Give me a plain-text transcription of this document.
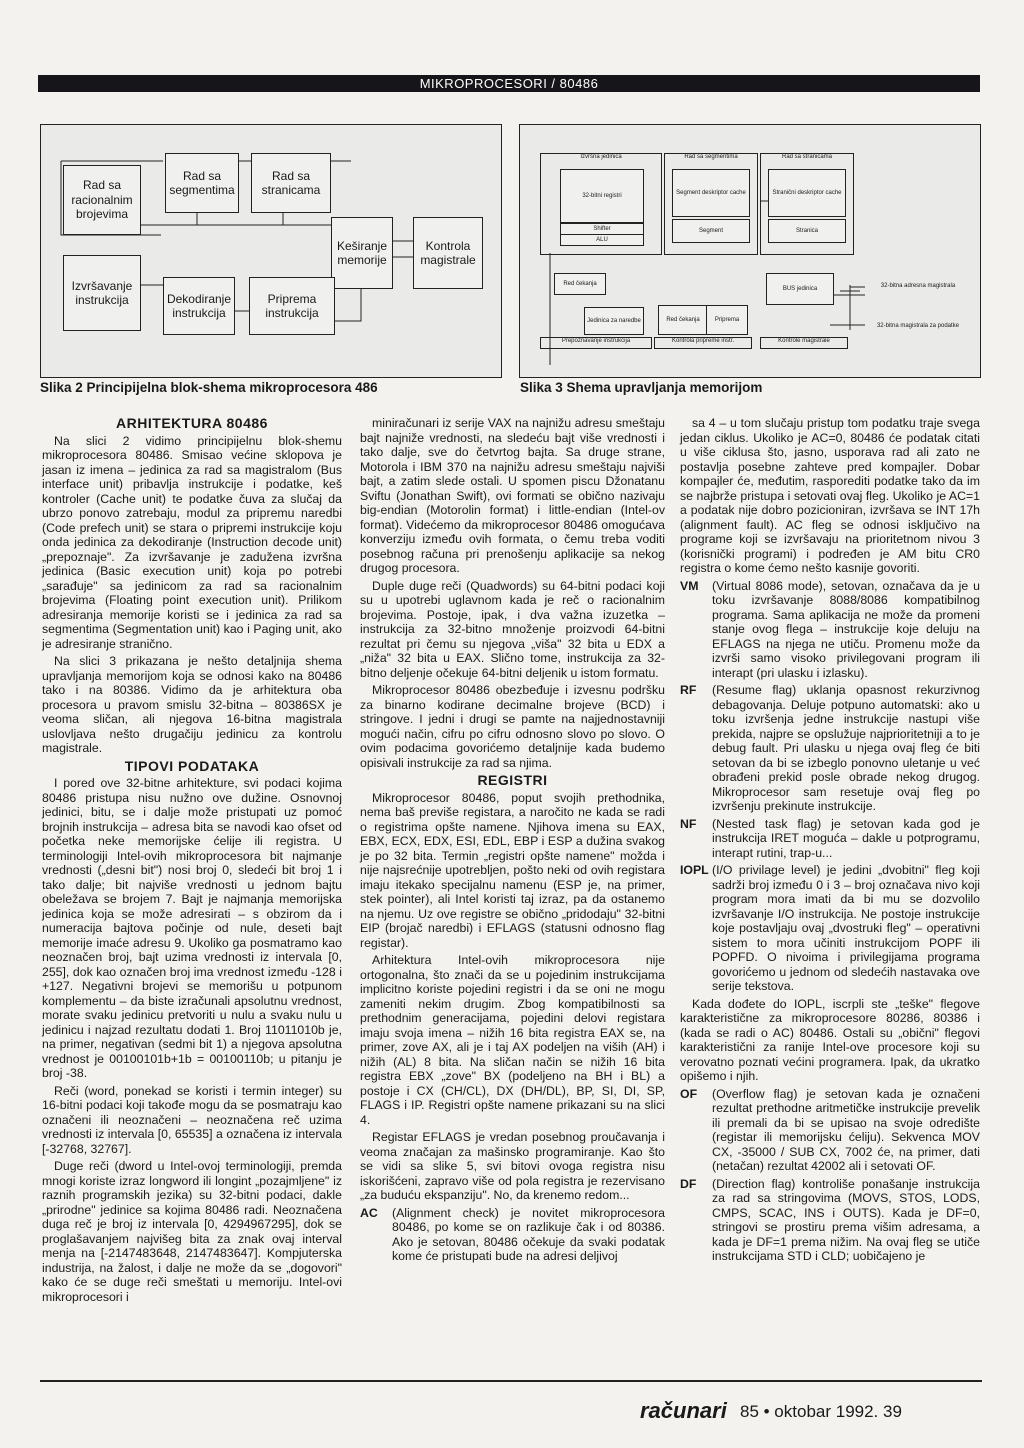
MIKROPROCESORI / 80486
Rad sa racionalnim brojevima
Rad sa segmentima
Rad sa stranicama
Keširanje memorije
Kontrola magistrale
Izvršavanje instrukcija	Dekodiranje instrukcija
Priprema instrukcija
Izvršna jedinica	Rad sa segmentima	Rad sa stranicama
32-bitni registri
Shifter
ALU
Segment deskriptor cache
Segment
Stranični deskriptor cache
Stranica
Red čekanja
Jedinica za naredbe	Red čekanja	Priprema
BUS jedinica
Prepoznavanje instrukcija	Kontrola pripreme instr.	Kontrole magistrale
32-bitna adresna magistrala
32-bitna magistrala za podatke
Slika 2 Principijelna blok-shema mikroprocesora 486	Slika 3 Shema upravljanja memorijom
ARHITEKTURA 80486

Na slici 2 vidimo principijelnu blok-shemu mikroprocesora 80486. Smisao većine sklopova je jasan iz imena – jedinica za rad sa magistralom (Bus interface unit) pribavlja instrukcije i podatke, keš kontroler (Cache unit) te podatke čuva za slučaj da ubrzo ponovo zatrebaju, modul za pripremu naredbi (Code prefech unit) se stara o pripremi instrukcije koju onda jedinica za dekodiranje (Instruction decode unit) „prepoznaje". Za izvršavanje je zadužena izvršna jedinica (Basic execution unit) koja po potrebi „sarađuje" sa jedinicom za rad sa racionalnim brojevima (Floating point execution unit). Prilikom adresiranja memorije koristi se i jedinica za rad sa segmentima (Segmentation unit) kao i Paging unit, ako je adresiranje stranično.

Na slici 3 prikazana je nešto detaljnija shema upravljanja memorijom koja se odnosi kako na 80486 tako i na 80386. Vidimo da je arhitektura oba procesora u pravom smislu 32-bitna – 80386SX je veoma sličan, ali njegova 16-bitna magistrala uslovljava nešto drugačiju jedinicu za kontrolu magistrale.

TIPOVI PODATAKA

I pored ove 32-bitne arhitekture, svi podaci kojima 80486 pristupa nisu nužno ove dužine. Osnovnoj jedinici, bitu, se i dalje može pristupati uz pomoć brojnih instrukcija – adresa bita se navodi kao ofset od početka neke memorijske ćelije ili registra. U terminologiji Intel-ovih mikroprocesora bit najmanje vrednosti („desni bit") nosi broj 0, sledeći bit broj 1 i tako dalje; bit najviše vrednosti u jednom bajtu obeležava se brojem 7. Bajt je najmanja memorijska jedinica koja se može adresirati – s obzirom da i numeracija bajtova počinje od nule, deseti bajt memorije imaće adresu 9. Ukoliko ga posmatramo kao neoznačen broj, bajt uzima vrednosti iz intervala [0, 255], dok kao označen broj ima vrednost između -128 i +127. Negativni brojevi se memorišu u potpunom komplementu – da biste izračunali apsolutnu vrednost, morate svaku jedinicu pretvoriti u nulu a svaku nulu u jedinicu i najzad rezultatu dodati 1. Broj 11011010b je, na primer, negativan (sedmi bit 1) a njegova apsolutna vrednost je 00100101b+1b = 00100110b; u pitanju je broj -38.

Reči (word, ponekad se koristi i termin integer) su 16-bitni podaci koji takođe mogu da se posmatraju kao označeni ili neoznačeni – neoznačena reč uzima vrednosti iz intervala [0, 65535] a označena iz intervala [-32768, 32767].

Duge reči (dword u Intel-ovoj terminologiji, premda mnogi koriste izraz longword ili longint „pozajmljene" iz raznih programskih jezika) su 32-bitni podaci, dakle „prirodne" jedinice sa kojima 80486 radi. Neoznačena duga reč je broj iz intervala [0, 4294967295], dok se proglašavanjem najvišeg bita za znak ovaj interval menja na [-2147483648, 2147483647]. Kompjuterska industrija, na žalost, i dalje ne može da se „dogovori" kako će se duge reči smeštati u memoriju. Intel-ovi mikroprocesori i

miniračunari iz serije VAX na najnižu adresu smeštaju bajt najniže vrednosti, na sledeću bajt više vrednosti i tako dalje, sve do četvrtog bajta. Sa druge strane, Motorola i IBM 370 na najnižu adresu smeštaju najviši bajt, a zatim slede ostali. U spomen piscu Džonatanu Sviftu (Jonathan Swift), ovi formati se obično nazivaju big-endian (Motorolin format) i little-endian (Intel-ov format). Videćemo da mikroprocesor 80486 omogućava konverziju između ovih formata, o čemu treba voditi posebnog računa pri prenošenju aplikacije sa nekog drugog procesora.

Duple duge reči (Quadwords) su 64-bitni podaci koji su u upotrebi uglavnom kada je reč o racionalnim brojevima. Postoje, ipak, i dva važna izuzetka – instrukcija za 32-bitno množenje proizvodi 64-bitni rezultat pri čemu su njegova „viša" 32 bita u EDX a „niža" 32 bita u EAX. Slično tome, instrukcija za 32-bitno deljenje očekuje 64-bitni deljenik u istom formatu.

Mikroprocesor 80486 obezbeđuje i izvesnu podršku za binarno kodirane decimalne brojeve (BCD) i stringove. I jedni i drugi se pamte na najjednostavniji mogući način, cifru po cifru odnosno slovo po slovo. O ovim podacima govorićemo detaljnije kada budemo opisivali instrukcije za rad sa njima.

REGISTRI

Mikroprocesor 80486, poput svojih prethodnika, nema baš previše registara, a naročito ne kada se radi o registrima opšte namene. Njihova imena su EAX, EBX, ECX, EDX, ESI, EDL, EBP i ESP a dužina svakog je po 32 bita. Termin „registri opšte namene" možda i nije najsrećnije upotrebljen, pošto neki od ovih registara imaju itekako specijalnu namenu (ESP je, na primer, stek pointer), ali Intel koristi taj izraz, pa da ostanemo na njemu. Uz ove registre se obično „pridodaju" 32-bitni EIP (brojač naredbi) i EFLAGS (statusni odnosno flag registar).

Arhitektura Intel-ovih mikroprocesora nije ortogonalna, što znači da se u pojedinim instrukcijama implicitno koriste pojedini registri i da se oni ne mogu zameniti nekim drugim. Zbog kompatibilnosti sa prethodnim generacijama, pojedini delovi registara imaju svoja imena – nižih 16 bita registra EAX se, na primer, zove AX, ali je i taj AX podeljen na viših (AH) i nižih (AL) 8 bita. Na sličan način se nižih 16 bita registra EBX „zove" BX (podeljeno na BH i BL) a postoje i CX (CH/CL), DX (DH/DL), BP, SI, DI, SP, FLAGS i IP. Registri opšte namene prikazani su na slici 4.

Registar EFLAGS je vredan posebnog proučavanja i veoma značajan za mašinsko programiranje. Kao što se vidi sa slike 5, svi bitovi ovoga registra nisu iskorišćeni, zapravo više od pola registra je rezervisano „za buduću ekspanziju". No, da krenemo redom...

AC	(Alignment check) je novitet mikroprocesora 80486, po kome se on razlikuje čak i od 80386. Ako je setovan, 80486 očekuje da svaki podatak kome će pristupati bude na adresi deljivoj

sa 4 – u tom slučaju pristup tom podatku traje svega jedan ciklus. Ukoliko je AC=0, 80486 će podatak citati u više ciklusa što, jasno, usporava rad ali zato ne postavlja posebne zahteve pred kompajler. Dobar kompajler će, međutim, rasporediti podatke tako da im se najbrže pristupa i setovati ovaj fleg. Ukoliko je AC=1 a podatak nije dobro pozicioniran, izvršava se INT 17h (alignment fault). AC fleg se odnosi isključivo na programe koji se izvršavaju na prioritetnom nivou 3 (korisnički programi) i podređen je AM bitu CR0 registra o kome ćemo nešto kasnije govoriti.

VM	(Virtual 8086 mode), setovan, označava da je u toku izvršavanje 8088/8086 kompatibilnog programa. Sama aplikacija ne može da promeni stanje ovog flega – instrukcije koje deluju na EFLAGS na njega ne utiču. Promenu može da izvrši samo visoko privilegovani program ili interapt (pri ulasku i izlasku).
RF	(Resume flag) uklanja opasnost rekurzivnog debagovanja. Deluje potpuno automatski: ako u toku izvršenja jedne instrukcije nastupi više prekida, najpre se opslužuje najprioritetniji a to je debug fault. Pri ulasku u njega ovaj fleg će biti setovan da bi se izbeglo ponovno uletanje u već obrađeni prekid posle obrade nekog drugog. Mikroprocesor sam resetuje ovaj fleg po izvršenju prekinute instrukcije.
NF	(Nested task flag) je setovan kada god je instrukcija IRET moguća – dakle u potprogramu, interapt rutini, trap-u...
IOPL (I/O privilage level) je jedini „dvobitni" fleg koji sadrži broj između 0 i 3 – broj označava nivo koji program mora imati da bi mu se dozvolilo izvršavanje I/O instrukcija. Ne postoje instrukcije koje postavljaju ovaj „dvostruki fleg" – operativni sistem to mora učiniti instrukcijom POPF ili POPFD. O nivoima i privilegijama programa govorićemo u jednom od sledećih nastavaka ove serije tekstova.

Kada dođete do IOPL, iscrpli ste „teške" flegove karakteristične za mikroprocesore 80286, 80386 i (kada se radi o AC) 80486. Ostali su „obični" flegovi karakteristični za ranije Intel-ove procesore koji su verovatno poznati većini programera. Ipak, da ukratko opišemo i njih.

OF	(Overflow flag) je setovan kada je označeni rezultat prethodne aritmetičke instrukcije prevelik ili premali da bi se upisao na svoje odredište (registar ili memorijsku ćeliju). Sekvenca MOV CX, -35000 / SUB CX, 7002 će, na primer, dati (netačan) rezultat 42002 ali i setovati OF.
DF	(Direction flag) kontroliše ponašanje instrukcija za rad sa stringovima (MOVS, STOS, LODS, CMPS, SCAC, INS i OUTS). Kada je DF=0, stringovi se prostiru prema višim adresama, a kada je DF=1 prema nižim. Na ovaj fleg se utiče instrukcijama STD i CLD; uobičajeno je
računari 85 • oktobar 1992. 39
